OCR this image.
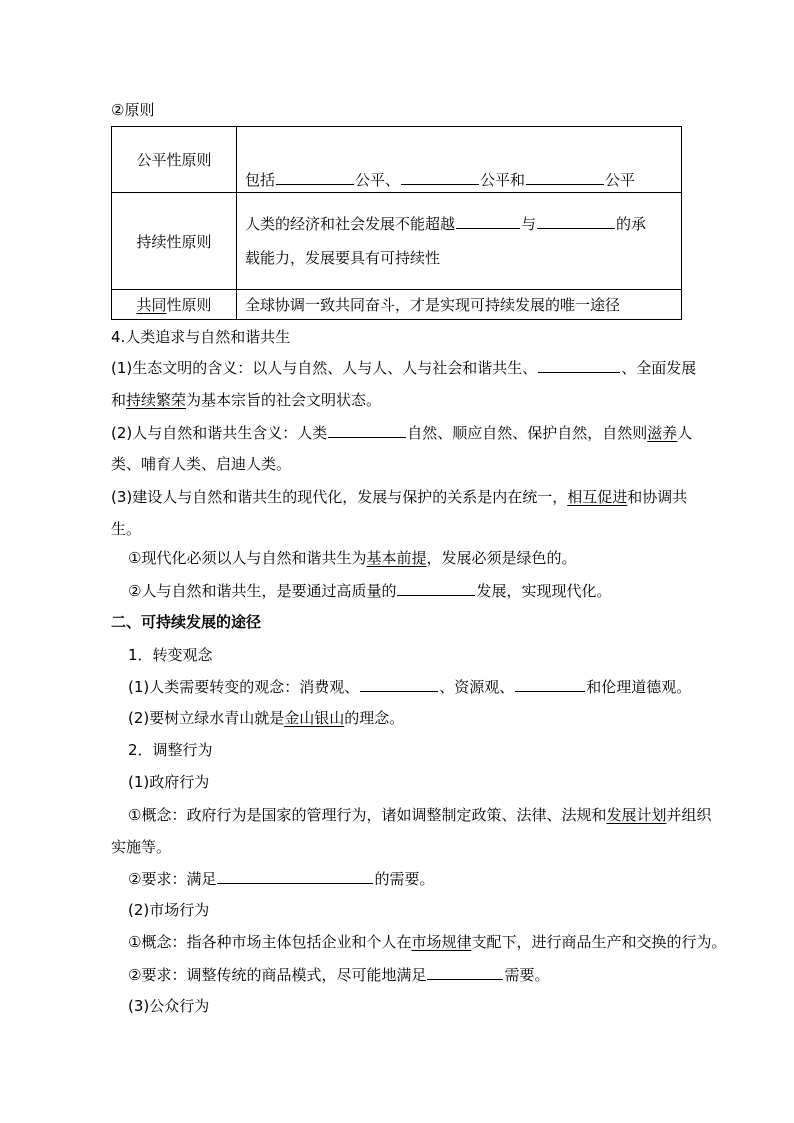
②原则
公平性原则	包括 公平、 公平和 公平
持续性原则	人类的经济和社会发展不能超越 与 的承
载能力，发展要具有可持续性

共同性原则	全球协调一致共同奋斗，才是实现可持续发展的唯一途径
4.人类追求与自然和谐共生
(1)生态文明的含义：以人与自然、人与人、人与社会和谐共生、	、全面发展
和持续繁荣为基本宗旨的社会文明状态。
(2)人与自然和谐共生含义：人类	自然、顺应自然、保护自然，自然则滋养人
类、哺育人类、启迪人类。
(3)建设人与自然和谐共生的现代化，发展与保护的关系是内在统一，相互促进和协调共
生。
①现代化必须以人与自然和谐共生为基本前提，发展必须是绿色的。
②人与自然和谐共生，是要通过高质量的	发展，实现现代化。
二、可持续发展的途径
1．转变观念
(1)人类需要转变的观念：消费观、	、资源观、	和伦理道德观。
(2)要树立绿水青山就是金山银山的理念。
2．调整行为
(1)政府行为
①概念：政府行为是国家的管理行为，诸如调整制定政策、法律、法规和发展计划并组织
实施等。
②要求：满足	的需要。
(2)市场行为
①概念：指各种市场主体包括企业和个人在市场规律支配下，进行商品生产和交换的行为。
②要求：调整传统的商品模式，尽可能地满足	需要。
(3)公众行为
